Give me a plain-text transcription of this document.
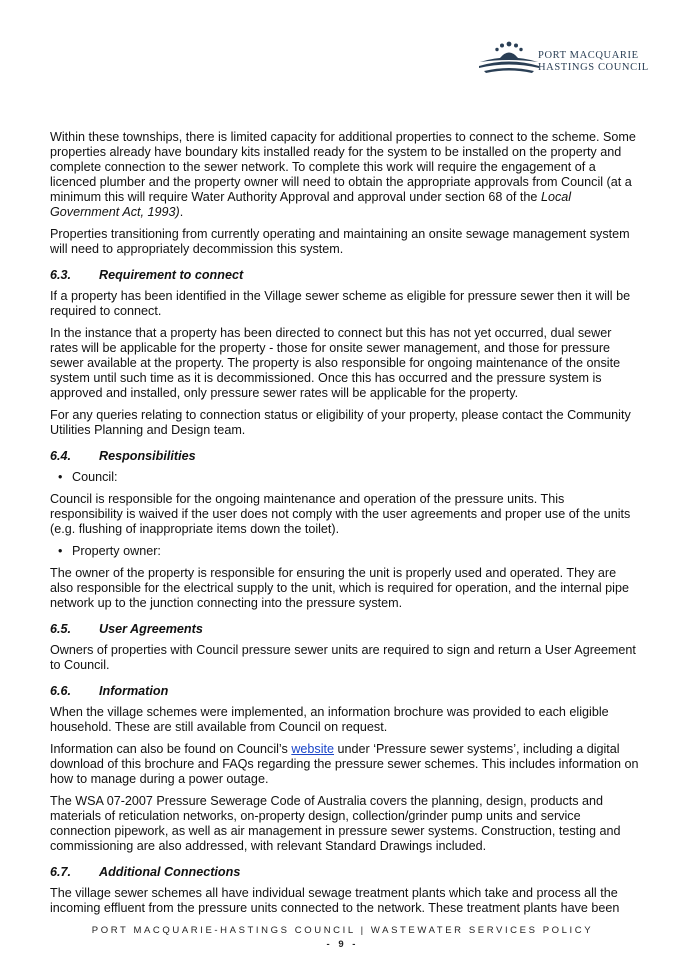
PORT MACQUARIE
HASTINGS COUNCIL

Within these townships, there is limited capacity for additional properties to connect to the scheme. Some properties already have boundary kits installed ready for the system to be installed on the property and complete connection to the sewer network. To complete this work will require the engagement of a licenced plumber and the property owner will need to obtain the appropriate approvals from Council (at a minimum this will require Water Authority Approval and approval under section 68 of the Local Government Act, 1993).

Properties transitioning from currently operating and maintaining an onsite sewage management system will need to appropriately decommission this system.

6.3. Requirement to connect

If a property has been identified in the Village sewer scheme as eligible for pressure sewer then it will be required to connect.

In the instance that a property has been directed to connect but this has not yet occurred, dual sewer rates will be applicable for the property - those for onsite sewer management, and those for pressure sewer available at the property. The property is also responsible for ongoing maintenance of the onsite system until such time as it is decommissioned. Once this has occurred and the pressure system is approved and installed, only pressure sewer rates will be applicable for the property.

For any queries relating to connection status or eligibility of your property, please contact the Community Utilities Planning and Design team.

6.4. Responsibilities
• Council:

Council is responsible for the ongoing maintenance and operation of the pressure units. This responsibility is waived if the user does not comply with the user agreements and proper use of the units (e.g. flushing of inappropriate items down the toilet).

• Property owner:

The owner of the property is responsible for ensuring the unit is properly used and operated. They are also responsible for the electrical supply to the unit, which is required for operation, and the internal pipe network up to the junction connecting into the pressure system.

6.5. User Agreements

Owners of properties with Council pressure sewer units are required to sign and return a User Agreement to Council.

6.6. Information

When the village schemes were implemented, an information brochure was provided to each eligible household. These are still available from Council on request.

Information can also be found on Council’s website under ‘Pressure sewer systems’, including a digital download of this brochure and FAQs regarding the pressure sewer schemes. This includes information on how to manage during a power outage.

The WSA 07-2007 Pressure Sewerage Code of Australia covers the planning, design, products and materials of reticulation networks, on-property design, collection/grinder pump units and service connection pipework, as well as air management in pressure sewer systems. Construction, testing and commissioning are also addressed, with relevant Standard Drawings included.

6.7. Additional Connections

The village sewer schemes all have individual sewage treatment plants which take and process all the incoming effluent from the pressure units connected to the network. These treatment plants have been

PORT MACQUARIE-HASTINGS COUNCIL | WASTEWATER SERVICES POLICY
- 9 -
